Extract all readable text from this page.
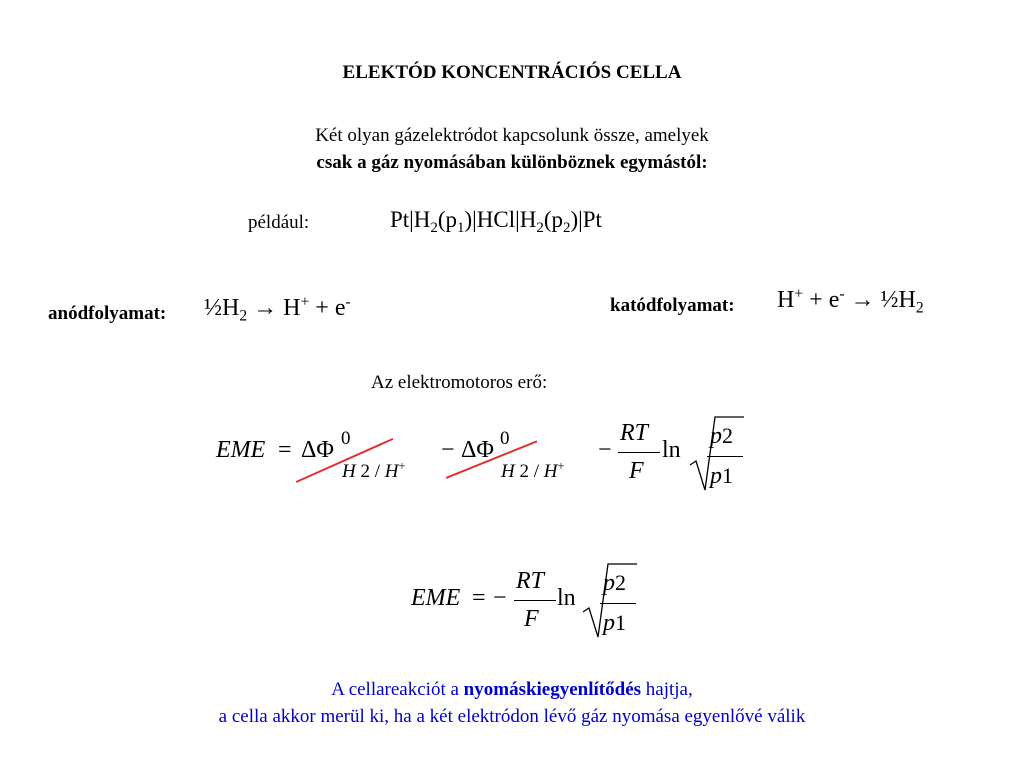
ELEKTÓD KONCENTRÁCIÓS CELLA
Két olyan gázelektródot kapcsolunk össze, amelyek
csak a gáz nyomásában különböznek egymástól:
például:	$Pt|H_2(p_1)|HCl|H_2(p_2)|Pt$
anódfolyamat: $\frac{1}{2}H_2 \to H^+ + e^-$	katódfolyamat: $H^+ + e^- \to \frac{1}{2}H_2$
Az elektromotoros erő:
EME = ΔΦ 0
H 2 / H+
− ΔΦ 0
H 2 / H+
−
RT
F
ln
p2
p1
EME = −
RT
F
ln
p2
p1
A cellareakciót a nyomáskiegyenlítődés hajtja,
a cella akkor merül ki, ha a két elektródon lévő gáz nyomása egyenlővé válik
